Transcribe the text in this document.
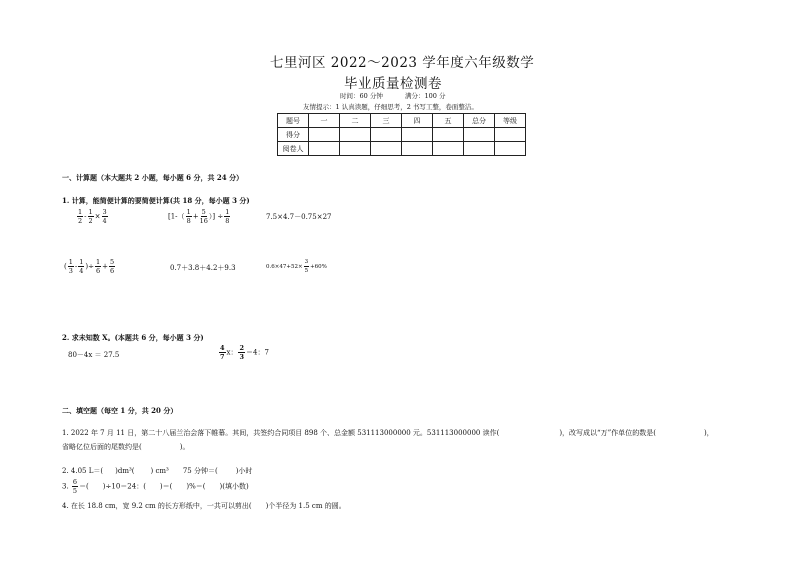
七里河区 2022～2023 学年度六年级数学
毕业质量检测卷
时间：60 分钟	满分：100 分
友情提示：1 认真读题，仔细思考，2 书写工整，卷面整洁。
题号	一	二	三	四	五	总分	等级
得分							
阅卷人							
一、计算题（本大题共 2 小题，每小题 6 分，共 24 分）
1. 计算，能简便计算的要简便计算(共 18 分，每小题 3 分)
$\frac{1}{2} - \frac{1}{2} \times \frac{3}{4}$	[$1-( \frac{1}{8} + \frac{5}{16}$ ）] ÷ $\frac{1}{8}$	7.5×4.7－0.75×27
( $\frac{1}{3} - \frac{1}{4}$ )÷ $\frac{1}{6} + \frac{5}{6}$	0.7＋3.8＋4.2＋9.3	$0.6\times 47+52\times \frac{3}{5} +60\%$
2. 求未知数 X。(本题共 6 分，每小题 3 分)
80－4x ＝ 27.5	$\frac{4}{7}$ x： $\frac{2}{3} =4$：7
二、填空题（每空 1 分，共 20 分）
1. 2022 年 7 月 11 日，第二十八届兰治会落下帷幕。其间，共签约合同项目 898 个、总金额 531113000000 元。531113000000 读作(	)，改写成以“万”作单位的数是(	)，
省略亿位后面的尾数约是(	)。
2. 4.05 L＝( )dm³( ) cm³ 75 分钟＝(	)小时
3. $\frac{6}{5}$ ＝(　　)÷10＝24：(　　)＝(　　)%＝(　　)(填小数)
4. 在长 18.8 cm，宽 9.2 cm 的长方形纸中，一共可以剪出(　　)个半径为 1.5 cm 的圆。
